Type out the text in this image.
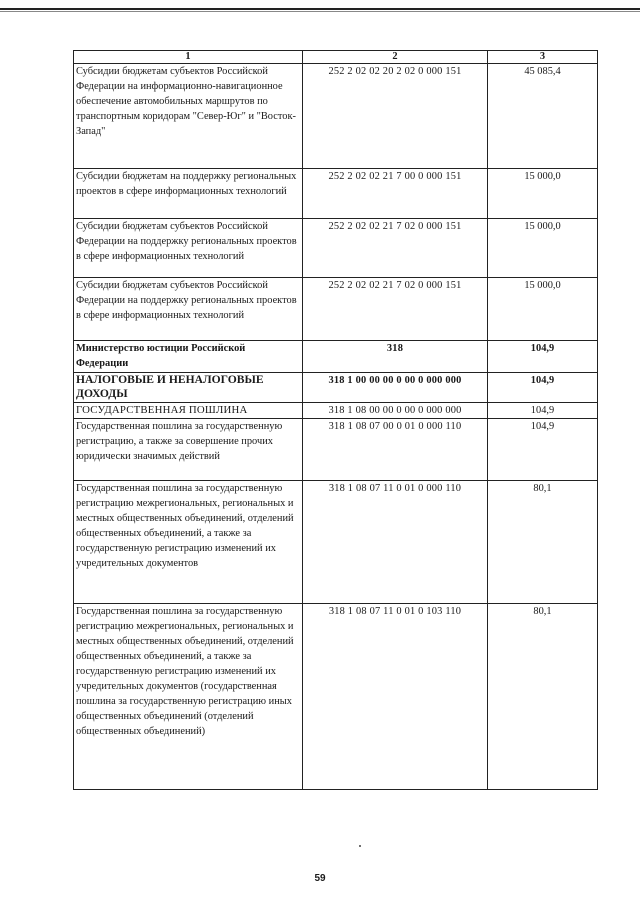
1	2	3
Субсидии бюджетам субъектов Российской Федерации на информационно-навигационное обеспечение автомобильных маршрутов по транспортным коридорам "Север-Юг" и "Восток-Запад"	252 2 02 02 20 2 02 0 000 151	45 085,4
Субсидии бюджетам на поддержку региональных проектов в сфере информационных технологий	252 2 02 02 21 7 00 0 000 151	15 000,0
Субсидии бюджетам субъектов Российской Федерации на поддержку региональных проектов в сфере информационных технологий	252 2 02 02 21 7 02 0 000 151	15 000,0
Субсидии бюджетам субъектов Российской Федерации на поддержку региональных проектов в сфере информационных технологий	252 2 02 02 21 7 02 0 000 151	15 000,0
Министерство юстиции Российской Федерации	318	104,9
НАЛОГОВЫЕ И НЕНАЛОГОВЫЕ ДОХОДЫ	318 1 00 00 00 0 00 0 000 000	104,9
ГОСУДАРСТВЕННАЯ ПОШЛИНА	318 1 08 00 00 0 00 0 000 000	104,9
Государственная пошлина за государственную регистрацию, а также за совершение прочих юридически значимых действий	318 1 08 07 00 0 01 0 000 110	104,9
Государственная пошлина за государственную регистрацию межрегиональных, региональных и местных общественных объединений, отделений общественных объединений, а также за государственную регистрацию изменений их учредительных документов	318 1 08 07 11 0 01 0 000 110	80,1
Государственная пошлина за государственную регистрацию межрегиональных, региональных и местных общественных объединений, отделений общественных объединений, а также за государственную регистрацию изменений их учредительных документов (государственная пошлина за государственную регистрацию иных общественных объединений (отделений общественных объединений)	318 1 08 07 11 0 01 0 103 110	80,1
59
